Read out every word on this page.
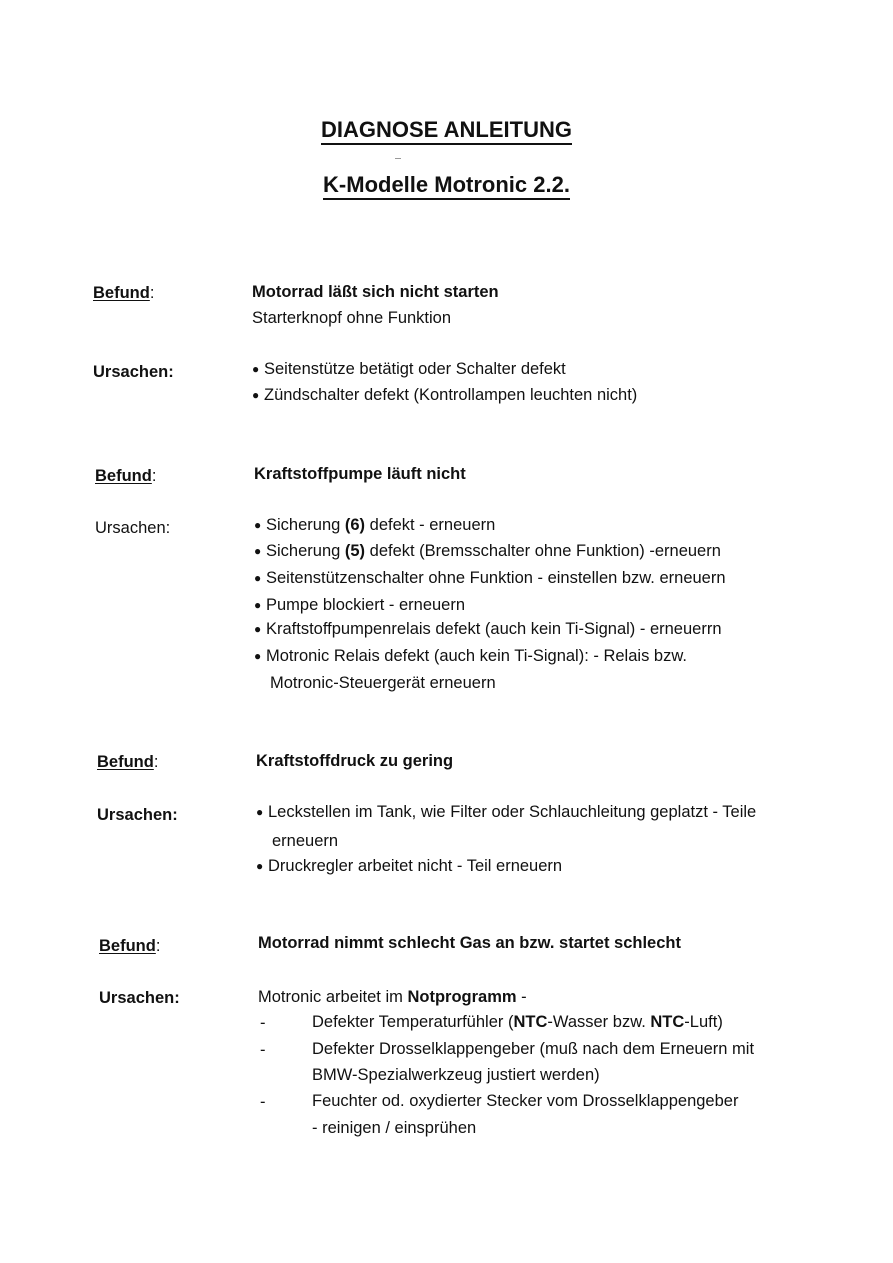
DIAGNOSE ANLEITUNG
K-Modelle Motronic 2.2.
Befund:	Motorrad läßt sich nicht starten
Starterknopf ohne Funktion
Ursachen:	● Seitenstütze betätigt oder Schalter defekt
● Zündschalter defekt (Kontrollampen leuchten nicht)
Befund:	Kraftstoffpumpe läuft nicht
Ursachen:	● Sicherung (6) defekt - erneuern
● Sicherung (5) defekt (Bremsschalter ohne Funktion) -erneuern
● Seitenstützenschalter ohne Funktion - einstellen bzw. erneuern
● Pumpe blockiert - erneuern
● Kraftstoffpumpenrelais defekt (auch kein Ti-Signal) - erneuerrn
● Motronic Relais defekt (auch kein Ti-Signal): - Relais bzw.
Motronic-Steuergerät erneuern
Befund:	Kraftstoffdruck zu gering
Ursachen:	● Leckstellen im Tank, wie Filter oder Schlauchleitung geplatzt - Teile
erneuern
● Druckregler arbeitet nicht - Teil erneuern
Befund:	Motorrad nimmt schlecht Gas an bzw. startet schlecht
Ursachen:	Motronic arbeitet im Notprogramm -
-	Defekter Temperaturfühler (NTC-Wasser bzw. NTC-Luft)
-	Defekter Drosselklappengeber (muß nach dem Erneuern mit
BMW-Spezialwerkzeug justiert werden)
-	Feuchter od. oxydierter Stecker vom Drosselklappengeber
- reinigen / einsprühen
